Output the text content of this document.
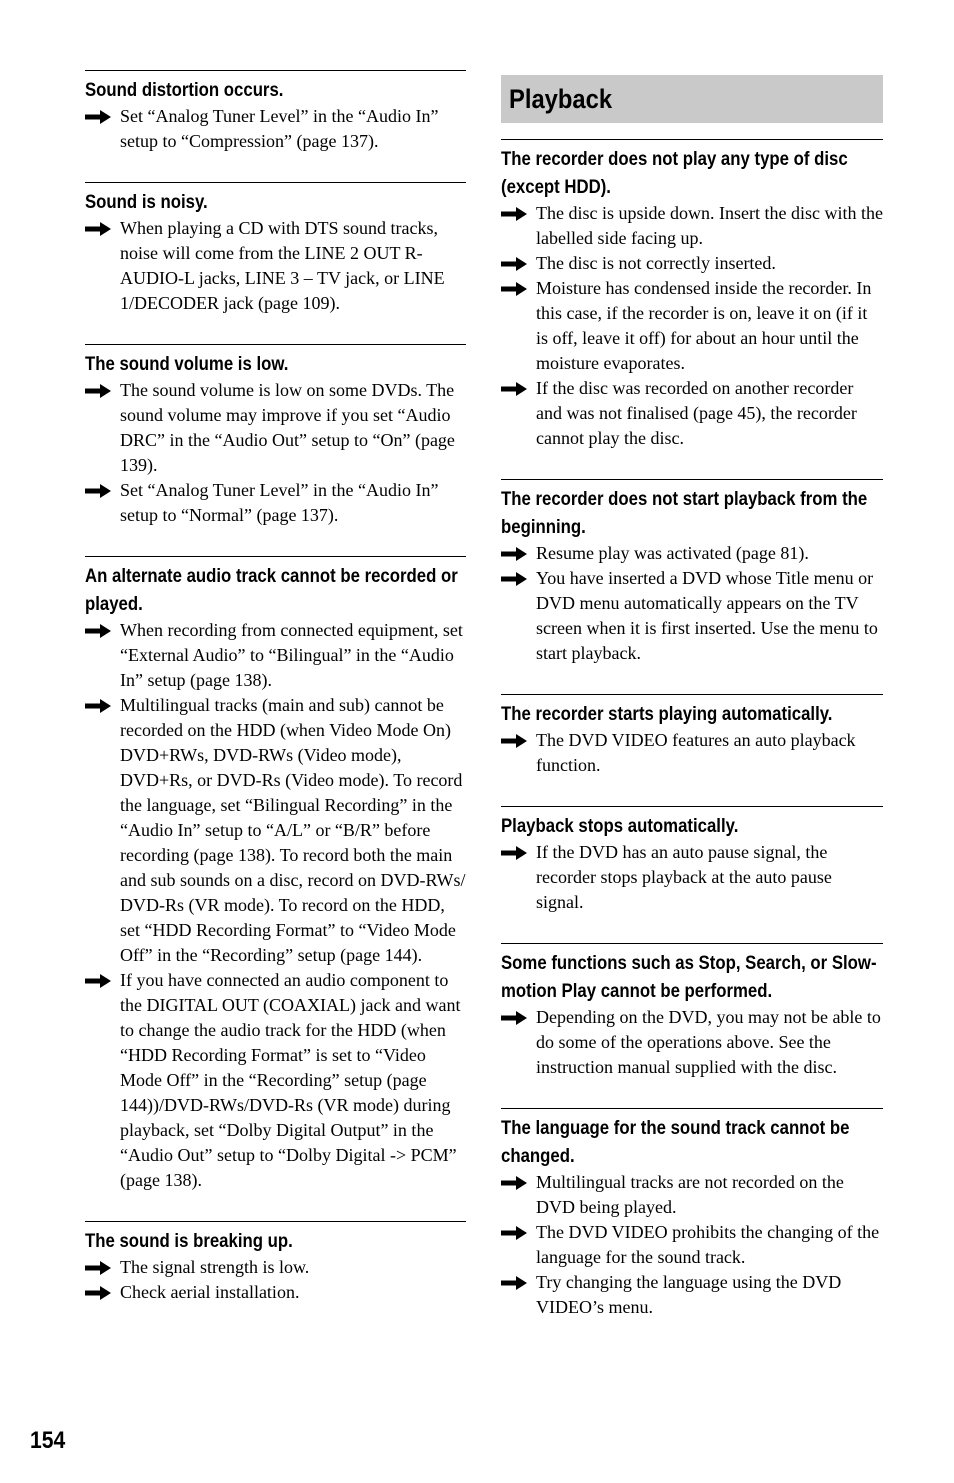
Sound distortion occurs.
Set “Analog Tuner Level” in the “Audio In” setup to “Compression” (page 137).
Sound is noisy.
When playing a CD with DTS sound tracks, noise will come from the LINE 2 OUT R-AUDIO-L jacks, LINE 3 – TV jack, or LINE 1/DECODER jack (page 109).
The sound volume is low.
The sound volume is low on some DVDs. The sound volume may improve if you set “Audio DRC” in the “Audio Out” setup to “On” (page 139).
Set “Analog Tuner Level” in the “Audio In” setup to “Normal” (page 137).
An alternate audio track cannot be recorded or played.
When recording from connected equipment, set “External Audio” to “Bilingual” in the “Audio In” setup (page 138).
Multilingual tracks (main and sub) cannot be recorded on the HDD (when Video Mode On) DVD+RWs, DVD-RWs (Video mode), DVD+Rs, or DVD-Rs (Video mode). To record the language, set “Bilingual Recording” in the “Audio In” setup to “A/L” or “B/R” before recording (page 138). To record both the main and sub sounds on a disc, record on DVD-RWs/ DVD-Rs (VR mode). To record on the HDD, set “HDD Recording Format” to “Video Mode Off” in the “Recording” setup (page 144).
If you have connected an audio component to the DIGITAL OUT (COAXIAL) jack and want to change the audio track for the HDD (when “HDD Recording Format” is set to “Video Mode Off” in the “Recording” setup (page 144))/DVD-RWs/DVD-Rs (VR mode) during playback, set “Dolby Digital Output” in the “Audio Out” setup to “Dolby Digital -> PCM” (page 138).
The sound is breaking up.
The signal strength is low.
Check aerial installation.
Playback
The recorder does not play any type of disc (except HDD).
The disc is upside down. Insert the disc with the labelled side facing up.
The disc is not correctly inserted.
Moisture has condensed inside the recorder. In this case, if the recorder is on, leave it on (if it is off, leave it off) for about an hour until the moisture evaporates.
If the disc was recorded on another recorder and was not finalised (page 45), the recorder cannot play the disc.
The recorder does not start playback from the beginning.
Resume play was activated (page 81).
You have inserted a DVD whose Title menu or DVD menu automatically appears on the TV screen when it is first inserted. Use the menu to start playback.
The recorder starts playing automatically.
The DVD VIDEO features an auto playback function.
Playback stops automatically.
If the DVD has an auto pause signal, the recorder stops playback at the auto pause signal.
Some functions such as Stop, Search, or Slow-motion Play cannot be performed.
Depending on the DVD, you may not be able to do some of the operations above. See the instruction manual supplied with the disc.
The language for the sound track cannot be changed.
Multilingual tracks are not recorded on the DVD being played.
The DVD VIDEO prohibits the changing of the language for the sound track.
Try changing the language using the DVD VIDEO’s menu.
154
